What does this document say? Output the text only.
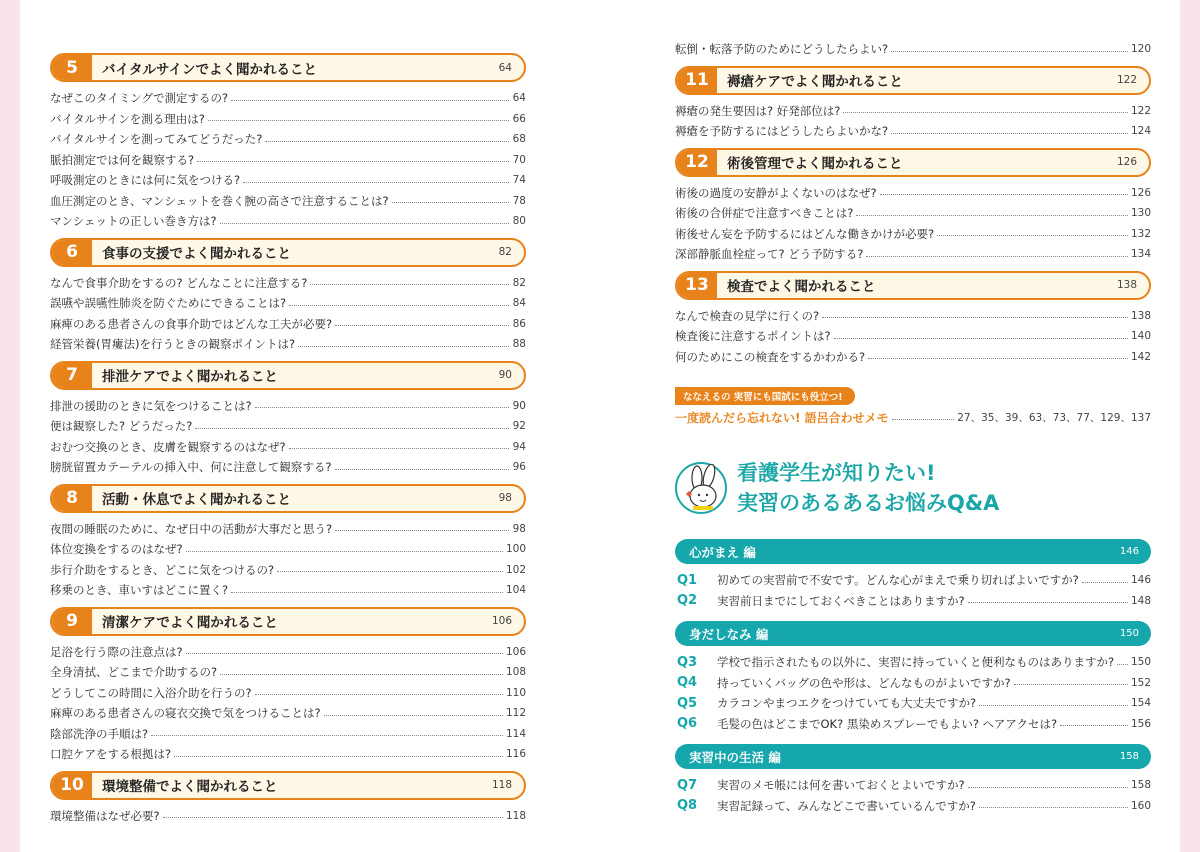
5	バイタルサインでよく聞かれること	64
なぜこのタイミングで測定するの?	64
バイタルサインを測る理由は?	66
バイタルサインを測ってみてどうだった?	68
脈拍測定では何を観察する?	70
呼吸測定のときには何に気をつける?	74
血圧測定のとき、マンシェットを巻く腕の高さで注意することは?	78
マンシェットの正しい巻き方は?	80
6	食事の支援でよく聞かれること	82
なんで食事介助をするの? どんなことに注意する?	82
誤嚥や誤嚥性肺炎を防ぐためにできることは?	84
麻痺のある患者さんの食事介助ではどんな工夫が必要?	86
経管栄養(胃瘻法)を行うときの観察ポイントは?	88
7	排泄ケアでよく聞かれること	90
排泄の援助のときに気をつけることは?	90
便は観察した? どうだった?	92
おむつ交換のとき、皮膚を観察するのはなぜ?	94
膀胱留置カテーテルの挿入中、何に注意して観察する?	96
8	活動・休息でよく聞かれること	98
夜間の睡眠のために、なぜ日中の活動が大事だと思う?	98
体位変換をするのはなぜ?	100
歩行介助をするとき、どこに気をつけるの?	102
移乗のとき、車いすはどこに置く?	104
9	清潔ケアでよく聞かれること	106
足浴を行う際の注意点は?	106
全身清拭、どこまで介助するの?	108
どうしてこの時間に入浴介助を行うの?	110
麻痺のある患者さんの寝衣交換で気をつけることは?	112
陰部洗浄の手順は?	114
口腔ケアをする根拠は?	116
10	環境整備でよく聞かれること	118
環境整備はなぜ必要?	118
転倒・転落予防のためにどうしたらよい?	120
11	褥瘡ケアでよく聞かれること	122
褥瘡の発生要因は? 好発部位は?	122
褥瘡を予防するにはどうしたらよいかな?	124
12	術後管理でよく聞かれること	126
術後の過度の安静がよくないのはなぜ?	126
術後の合併症で注意すべきことは?	130
術後せん妄を予防するにはどんな働きかけが必要?	132
深部静脈血栓症って? どう予防する?	134
13	検査でよく聞かれること	138
なんで検査の見学に行くの?	138
検査後に注意するポイントは?	140
何のためにこの検査をするかわかる?	142
ななえるの 実習にも国試にも役立つ!
一度読んだら忘れない! 語呂合わせメモ	27、35、39、63、73、77、129、137
看護学生が知りたい!
実習のあるあるお悩みQ&A
心がまえ 編	146
Q1	初めての実習前で不安です。どんな心がまえで乗り切ればよいですか?	146
Q2	実習前日までにしておくべきことはありますか?	148
身だしなみ 編	150
Q3	学校で指示されたもの以外に、実習に持っていくと便利なものはありますか? 150
Q4	持っていくバッグの色や形は、どんなものがよいですか?	152
Q5	カラコンやまつエクをつけていても大丈夫ですか?	154
Q6	毛髪の色はどこまでOK? 黒染めスプレーでもよい? ヘアアクセは?	156
実習中の生活 編	158
Q7	実習のメモ帳には何を書いておくとよいですか?	158
Q8	実習記録って、みんなどこで書いているんですか?	160
